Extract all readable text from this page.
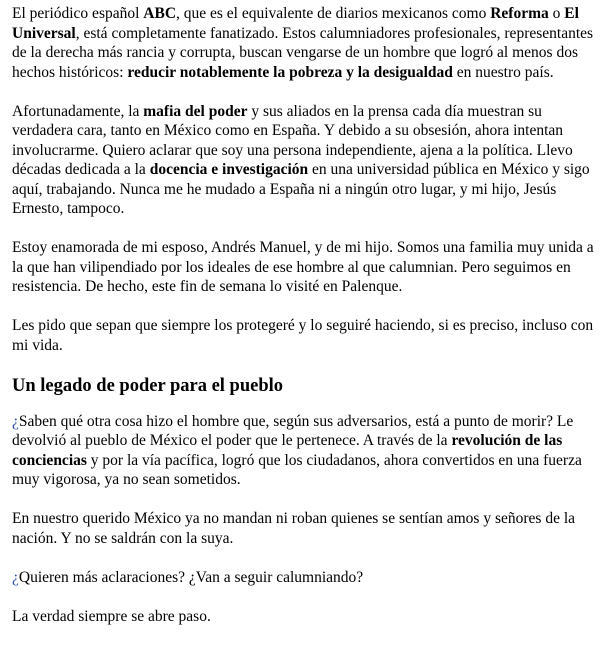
El periódico español ABC, que es el equivalente de diarios mexicanos como Reforma o El Universal, está completamente fanatizado. Estos calumniadores profesionales, representantes de la derecha más rancia y corrupta, buscan vengarse de un hombre que logró al menos dos hechos históricos: reducir notablemente la pobreza y la desigualdad en nuestro país.

Afortunadamente, la mafia del poder y sus aliados en la prensa cada día muestran su verdadera cara, tanto en México como en España. Y debido a su obsesión, ahora intentan involucrarme. Quiero aclarar que soy una persona independiente, ajena a la política. Llevo décadas dedicada a la docencia e investigación en una universidad pública en México y sigo aquí, trabajando. Nunca me he mudado a España ni a ningún otro lugar, y mi hijo, Jesús Ernesto, tampoco.

Estoy enamorada de mi esposo, Andrés Manuel, y de mi hijo. Somos una familia muy unida a la que han vilipendiado por los ideales de ese hombre al que calumnian. Pero seguimos en resistencia. De hecho, este fin de semana lo visité en Palenque.

Les pido que sepan que siempre los protegeré y lo seguiré haciendo, si es preciso, incluso con mi vida.

Un legado de poder para el pueblo

¿Saben qué otra cosa hizo el hombre que, según sus adversarios, está a punto de morir? Le devolvió al pueblo de México el poder que le pertenece. A través de la revolución de las conciencias y por la vía pacífica, logró que los ciudadanos, ahora convertidos en una fuerza muy vigorosa, ya no sean sometidos.

En nuestro querido México ya no mandan ni roban quienes se sentían amos y señores de la nación. Y no se saldrán con la suya.

¿Quieren más aclaraciones? ¿Van a seguir calumniando?

La verdad siempre se abre paso.
